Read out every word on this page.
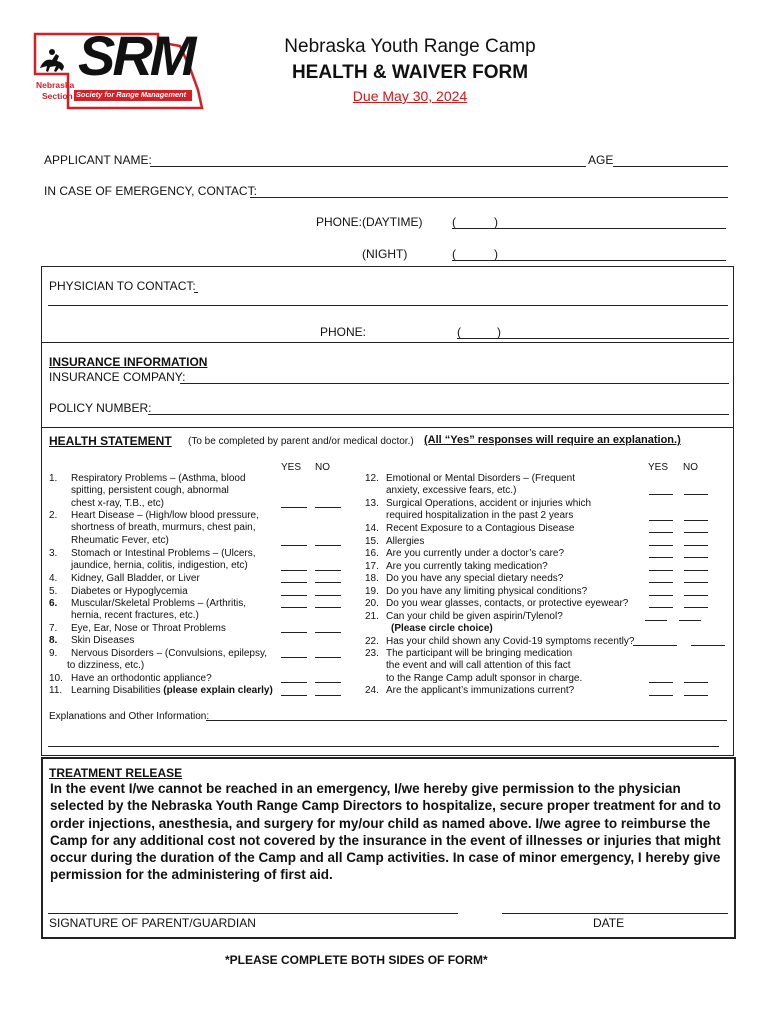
SRM
Nebraska
Section Society for Range Management
Nebraska Youth Range Camp
HEALTH & WAIVER FORM
Due May 30, 2024
APPLICANT NAME:	AGE
IN CASE OF EMERGENCY, CONTACT:
PHONE:(DAYTIME) (	)
(NIGHT)	(	)
PHYSICIAN TO CONTACT:
PHONE:	(	)
INSURANCE INFORMATION
INSURANCE COMPANY:
POLICY NUMBER:
HEALTH STATEMENT (To be completed by parent and/or medical doctor.) (All “Yes” responses will require an explanation.)
YES NO	YES NO
1. Respiratory Problems – (Asthma, blood
spitting, persistent cough, abnormal
chest x-ray, T.B., etc)
2. Heart Disease – (High/low blood pressure,
shortness of breath, murmurs, chest pain,
Rheumatic Fever, etc)
3. Stomach or Intestinal Problems – (Ulcers,
jaundice, hernia, colitis, indigestion, etc)
4. Kidney, Gall Bladder, or Liver
5. Diabetes or Hypoglycemia
6. Muscular/Skeletal Problems – (Arthritis,
hernia, recent fractures, etc.)
7. Eye, Ear, Nose or Throat Problems
8. Skin Diseases
9. Nervous Disorders – (Convulsions, epilepsy,
to dizziness, etc.)
10. Have an orthodontic appliance?
11. Learning Disabilities (please explain clearly)
12. Emotional or Mental Disorders – (Frequent
anxiety, excessive fears, etc.)
13. Surgical Operations, accident or injuries which
required hospitalization in the past 2 years
14. Recent Exposure to a Contagious Disease
15. Allergies
16. Are you currently under a doctor’s care?
17. Are you currently taking medication?
18. Do you have any special dietary needs?
19. Do you have any limiting physical conditions?
20. Do you wear glasses, contacts, or protective eyewear?
21. Can your child be given aspirin/Tylenol?
(Please circle choice)
22. Has your child shown any Covid-19 symptoms recently?
23. The participant will be bringing medication
the event and will call attention of this fact
to the Range Camp adult sponsor in charge.
24. Are the applicant’s immunizations current?
Explanations and Other Information:
TREATMENT RELEASE
In the event I/we cannot be reached in an emergency, I/we hereby give permission to the physician selected by the Nebraska Youth Range Camp Directors to hospitalize, secure proper treatment for and to order injections, anesthesia, and surgery for my/our child as named above. I/we agree to reimburse the Camp for any additional cost not covered by the insurance in the event of illnesses or injuries that might occur during the duration of the Camp and all Camp activities. In case of minor emergency, I hereby give permission for the administering of first aid.
SIGNATURE OF PARENT/GUARDIAN	DATE
*PLEASE COMPLETE BOTH SIDES OF FORM*
